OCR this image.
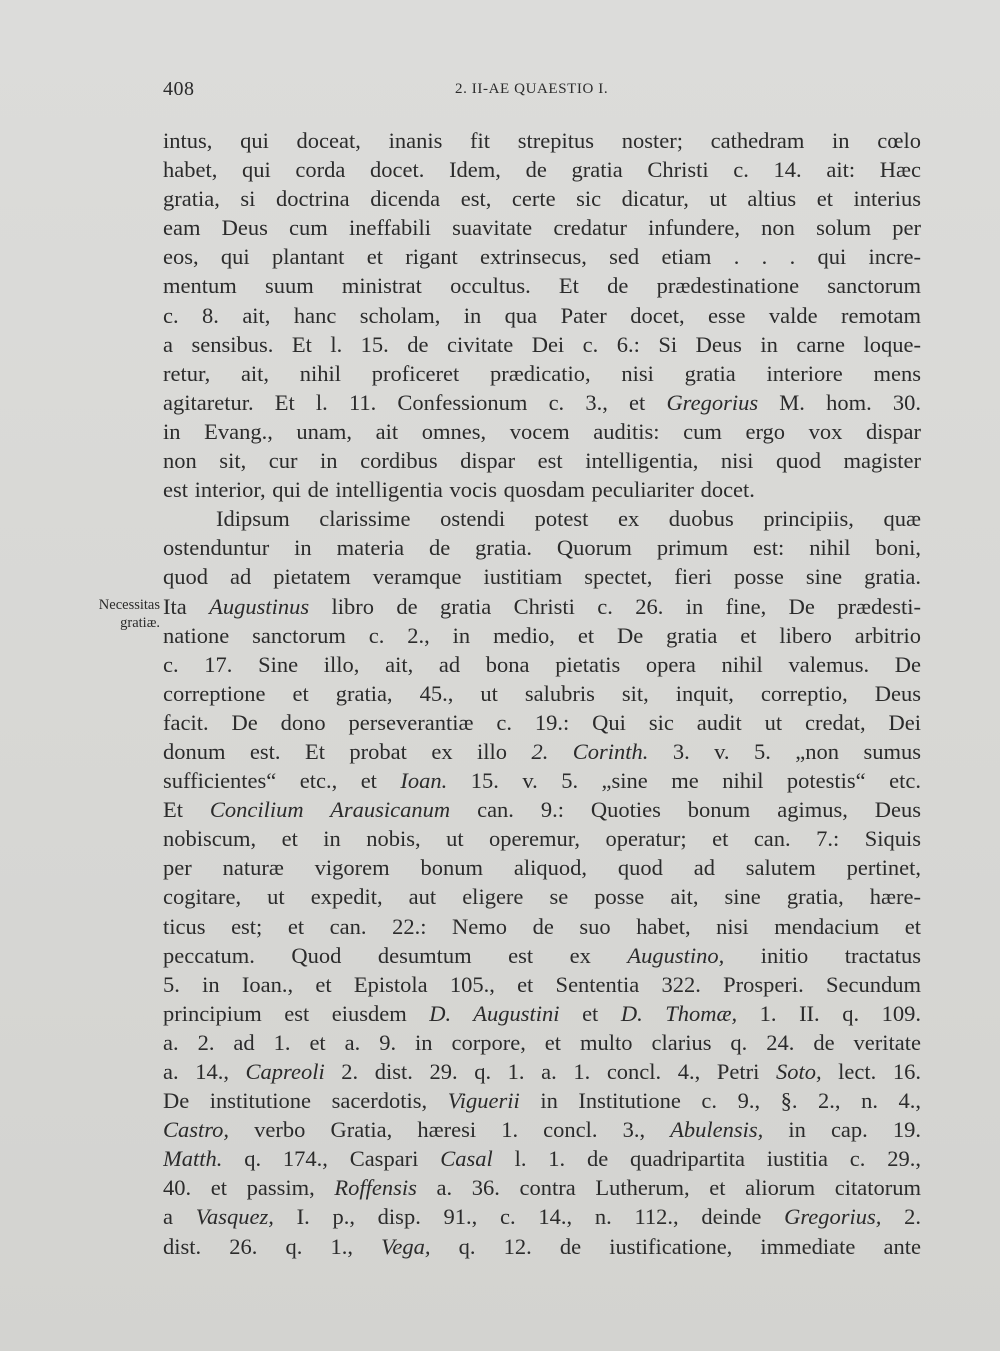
408	2. II-AE QUAESTIO I.
Necessitas
gratiæ.
intus, qui doceat, inanis fit strepitus noster; cathedram in cœlo
habet, qui corda docet. Idem, de gratia Christi c. 14. ait: Hæc
gratia, si doctrina dicenda est, certe sic dicatur, ut altius et interius
eam Deus cum ineffabili suavitate credatur infundere, non solum per
eos, qui plantant et rigant extrinsecus, sed etiam . . . qui incre-
mentum suum ministrat occultus. Et de prædestinatione sanctorum
c. 8. ait, hanc scholam, in qua Pater docet, esse valde remotam
a sensibus. Et l. 15. de civitate Dei c. 6.: Si Deus in carne loque-
retur, ait, nihil proficeret prædicatio, nisi gratia interiore mens
agitaretur. Et l. 11. Confessionum c. 3., et Gregorius M. hom. 30.
in Evang., unam, ait omnes, vocem auditis: cum ergo vox dispar
non sit, cur in cordibus dispar est intelligentia, nisi quod magister
est interior, qui de intelligentia vocis quosdam peculiariter docet.
Idipsum clarissime ostendi potest ex duobus principiis, quæ
ostenduntur in materia de gratia. Quorum primum est: nihil boni,
quod ad pietatem veramque iustitiam spectet, fieri posse sine gratia.
Ita Augustinus libro de gratia Christi c. 26. in fine, De prædesti-
natione sanctorum c. 2., in medio, et De gratia et libero arbitrio
c. 17. Sine illo, ait, ad bona pietatis opera nihil valemus. De
correptione et gratia, 45., ut salubris sit, inquit, correptio, Deus
facit. De dono perseverantiæ c. 19.: Qui sic audit ut credat, Dei
donum est. Et probat ex illo 2. Corinth. 3. v. 5. „non sumus
sufficientes“ etc., et Ioan. 15. v. 5. „sine me nihil potestis“ etc.
Et Concilium Arausicanum can. 9.: Quoties bonum agimus, Deus
nobiscum, et in nobis, ut operemur, operatur; et can. 7.: Siquis
per naturæ vigorem bonum aliquod, quod ad salutem pertinet,
cogitare, ut expedit, aut eligere se posse ait, sine gratia, hære-
ticus est; et can. 22.: Nemo de suo habet, nisi mendacium et
peccatum. Quod desumtum est ex Augustino, initio tractatus
5. in Ioan., et Epistola 105., et Sententia 322. Prosperi. Secundum
principium est eiusdem D. Augustini et D. Thomæ, 1. II. q. 109.
a. 2. ad 1. et a. 9. in corpore, et multo clarius q. 24. de veritate
a. 14., Capreoli 2. dist. 29. q. 1. a. 1. concl. 4., Petri Soto, lect. 16.
De institutione sacerdotis, Viguerii in Institutione c. 9., §. 2., n. 4.,
Castro, verbo Gratia, hæresi 1. concl. 3., Abulensis, in cap. 19.
Matth. q. 174., Caspari Casal l. 1. de quadripartita iustitia c. 29.,
40. et passim, Roffensis a. 36. contra Lutherum, et aliorum citatorum
a Vasquez, I. p., disp. 91., c. 14., n. 112., deinde Gregorius, 2.
dist. 26. q. 1., Vega, q. 12. de iustificatione, immediate ante
